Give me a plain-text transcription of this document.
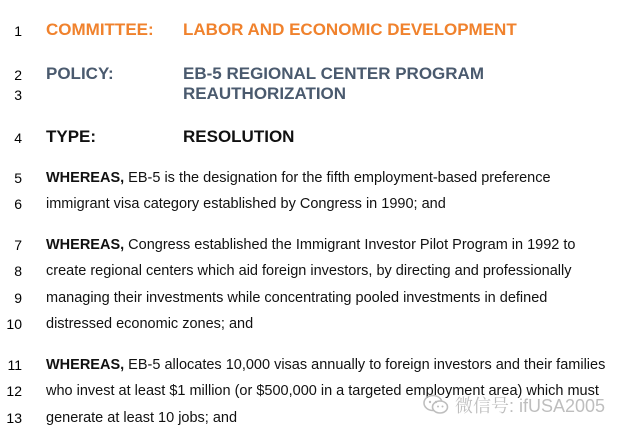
1 COMMITTEE: LABOR AND ECONOMIC DEVELOPMENT
2 POLICY:	EB-5 REGIONAL CENTER PROGRAM
3	REAUTHORIZATION
4 TYPE:	RESOLUTION
5 WHEREAS, EB-5 is the designation for the fifth employment-based preference
6 immigrant visa category established by Congress in 1990; and
7 WHEREAS, Congress established the Immigrant Investor Pilot Program in 1992 to
8 create regional centers which aid foreign investors, by directing and professionally
9 managing their investments while concentrating pooled investments in defined
10 distressed economic zones; and
11 WHEREAS, EB-5 allocates 10,000 visas annually to foreign investors and their families
12 who invest at least $1 million (or $500,000 in a targeted employment area) which must
13 generate at least 10 jobs; and
微信号: ifUSA2005
